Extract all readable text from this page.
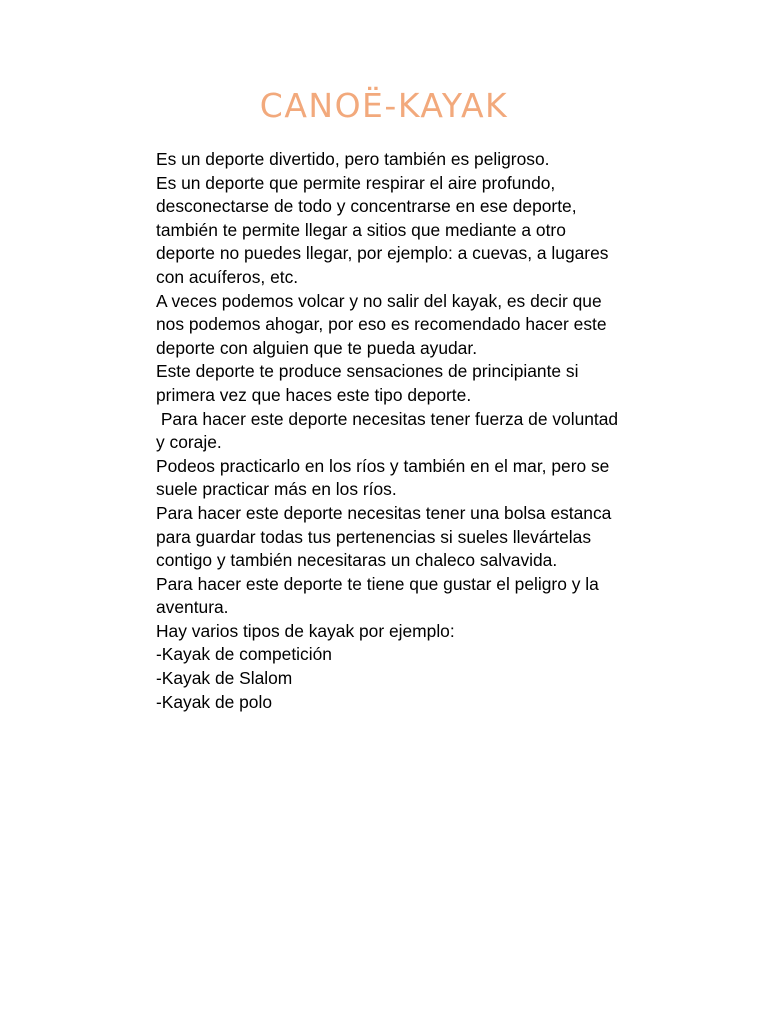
CANOË-KAYAK
Es un deporte divertido, pero también es peligroso.
Es un deporte que permite respirar el aire profundo,
desconectarse de todo y concentrarse en ese deporte,
también te permite llegar a sitios que mediante a otro
deporte no puedes llegar, por ejemplo: a cuevas, a lugares
con acuíferos, etc.
A veces podemos volcar y no salir del kayak, es decir que
nos podemos ahogar, por eso es recomendado hacer este
deporte con alguien que te pueda ayudar.
Este deporte te produce sensaciones de principiante si
primera vez que haces este tipo deporte.
Para hacer este deporte necesitas tener fuerza de voluntad
y coraje.
Podeos practicarlo en los ríos y también en el mar, pero se
suele practicar más en los ríos.
Para hacer este deporte necesitas tener una bolsa estanca
para guardar todas tus pertenencias si sueles llevártelas
contigo y también necesitaras un chaleco salvavida.
Para hacer este deporte te tiene que gustar el peligro y la
aventura.
Hay varios tipos de kayak por ejemplo:
-Kayak de competición
-Kayak de Slalom
-Kayak de polo
